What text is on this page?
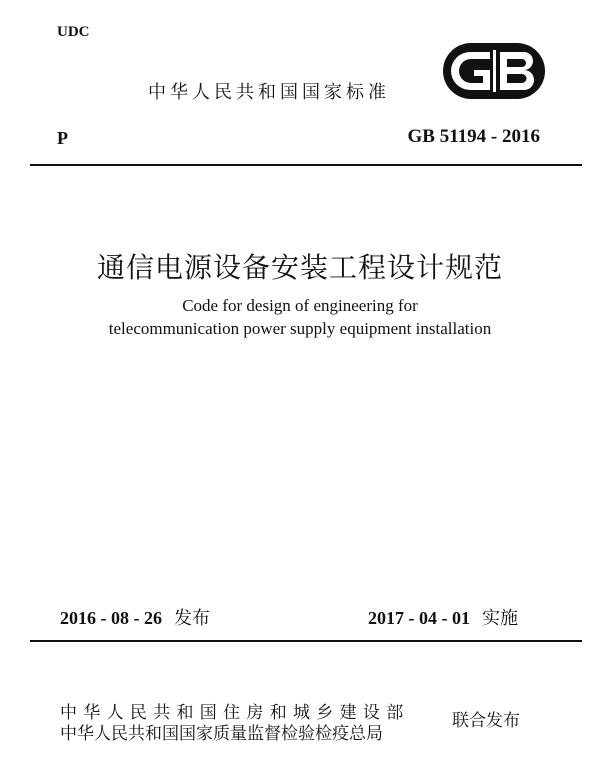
UDC
中华人民共和国国家标准
P	GB 51194 - 2016
通信电源设备安装工程设计规范
Code for design of engineering for
telecommunication power supply equipment installation
2016 - 08 - 26 发布	2017 - 04 - 01 实施
中华人民共和国住房和城乡建设部
中华人民共和国国家质量监督检验检疫总局
联合发布
